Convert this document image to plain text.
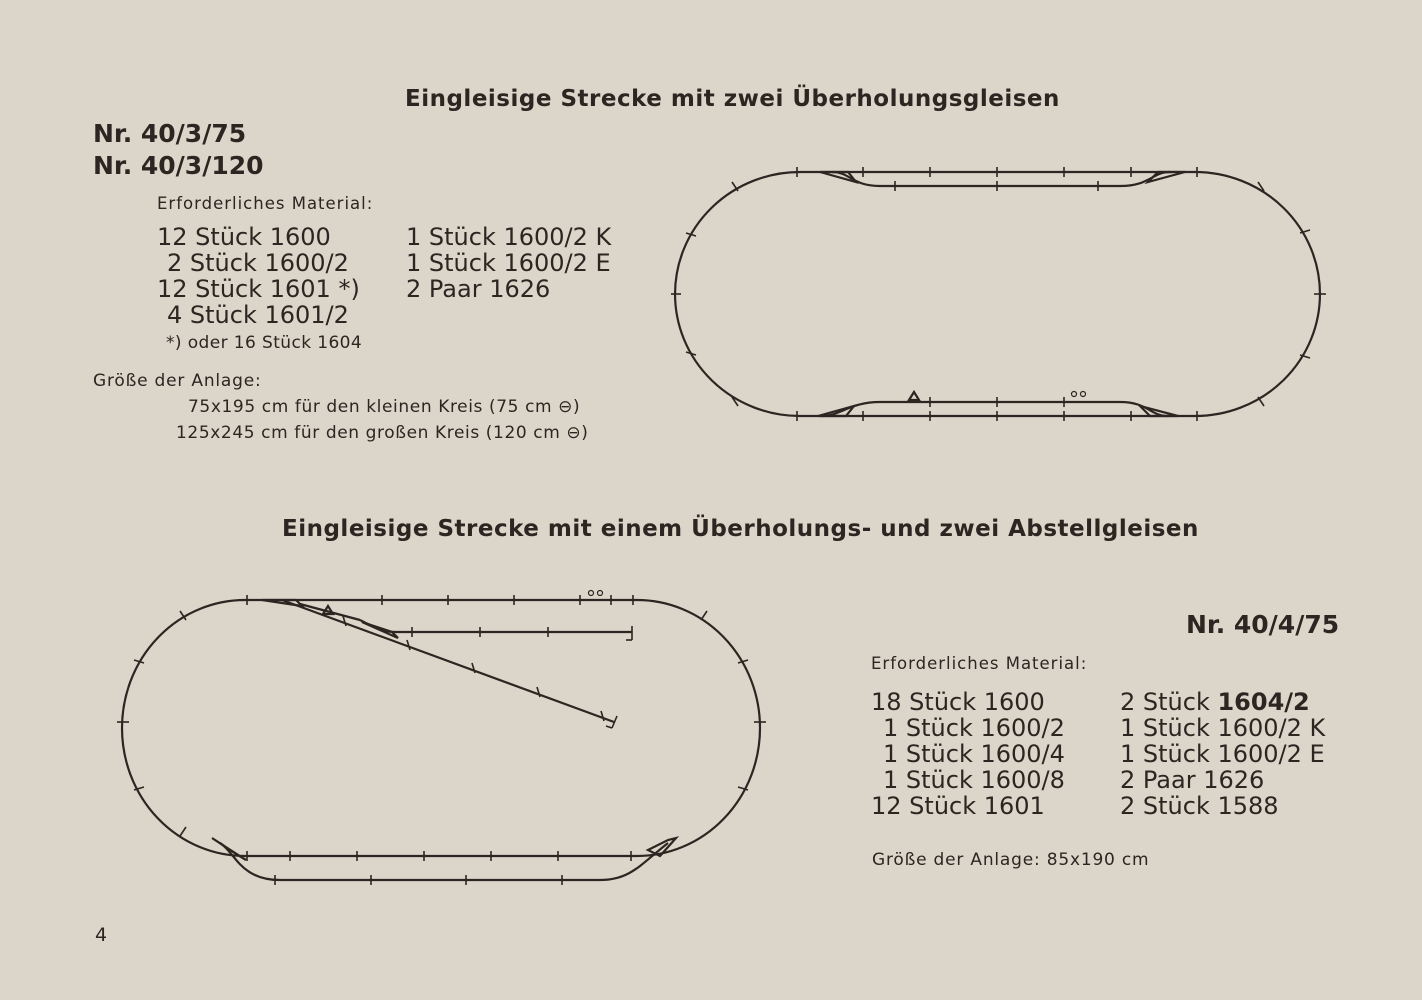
Eingleisige Strecke mit zwei Überholungsgleisen
Nr. 40/3/75
Nr. 40/3/120
Erforderliches Material:
12 Stück 1600
2 Stück 1600/2
12 Stück 1601 *)
4 Stück 1601/2
1 Stück 1600/2 K
1 Stück 1600/2 E
2 Paar 1626
*) oder 16 Stück 1604
Größe der Anlage:
75x195 cm für den kleinen Kreis (75 cm ⊖)
125x245 cm für den großen Kreis (120 cm ⊖)
Eingleisige Strecke mit einem Überholungs- und zwei Abstellgleisen
Nr. 40/4/75
Erforderliches Material:
18 Stück 1600
1 Stück 1600/2
1 Stück 1600/4
1 Stück 1600/8
12 Stück 1601
2 Stück 1604/2
1 Stück 1600/2 K
1 Stück 1600/2 E
2 Paar 1626
2 Stück 1588
Größe der Anlage: 85x190 cm
4
